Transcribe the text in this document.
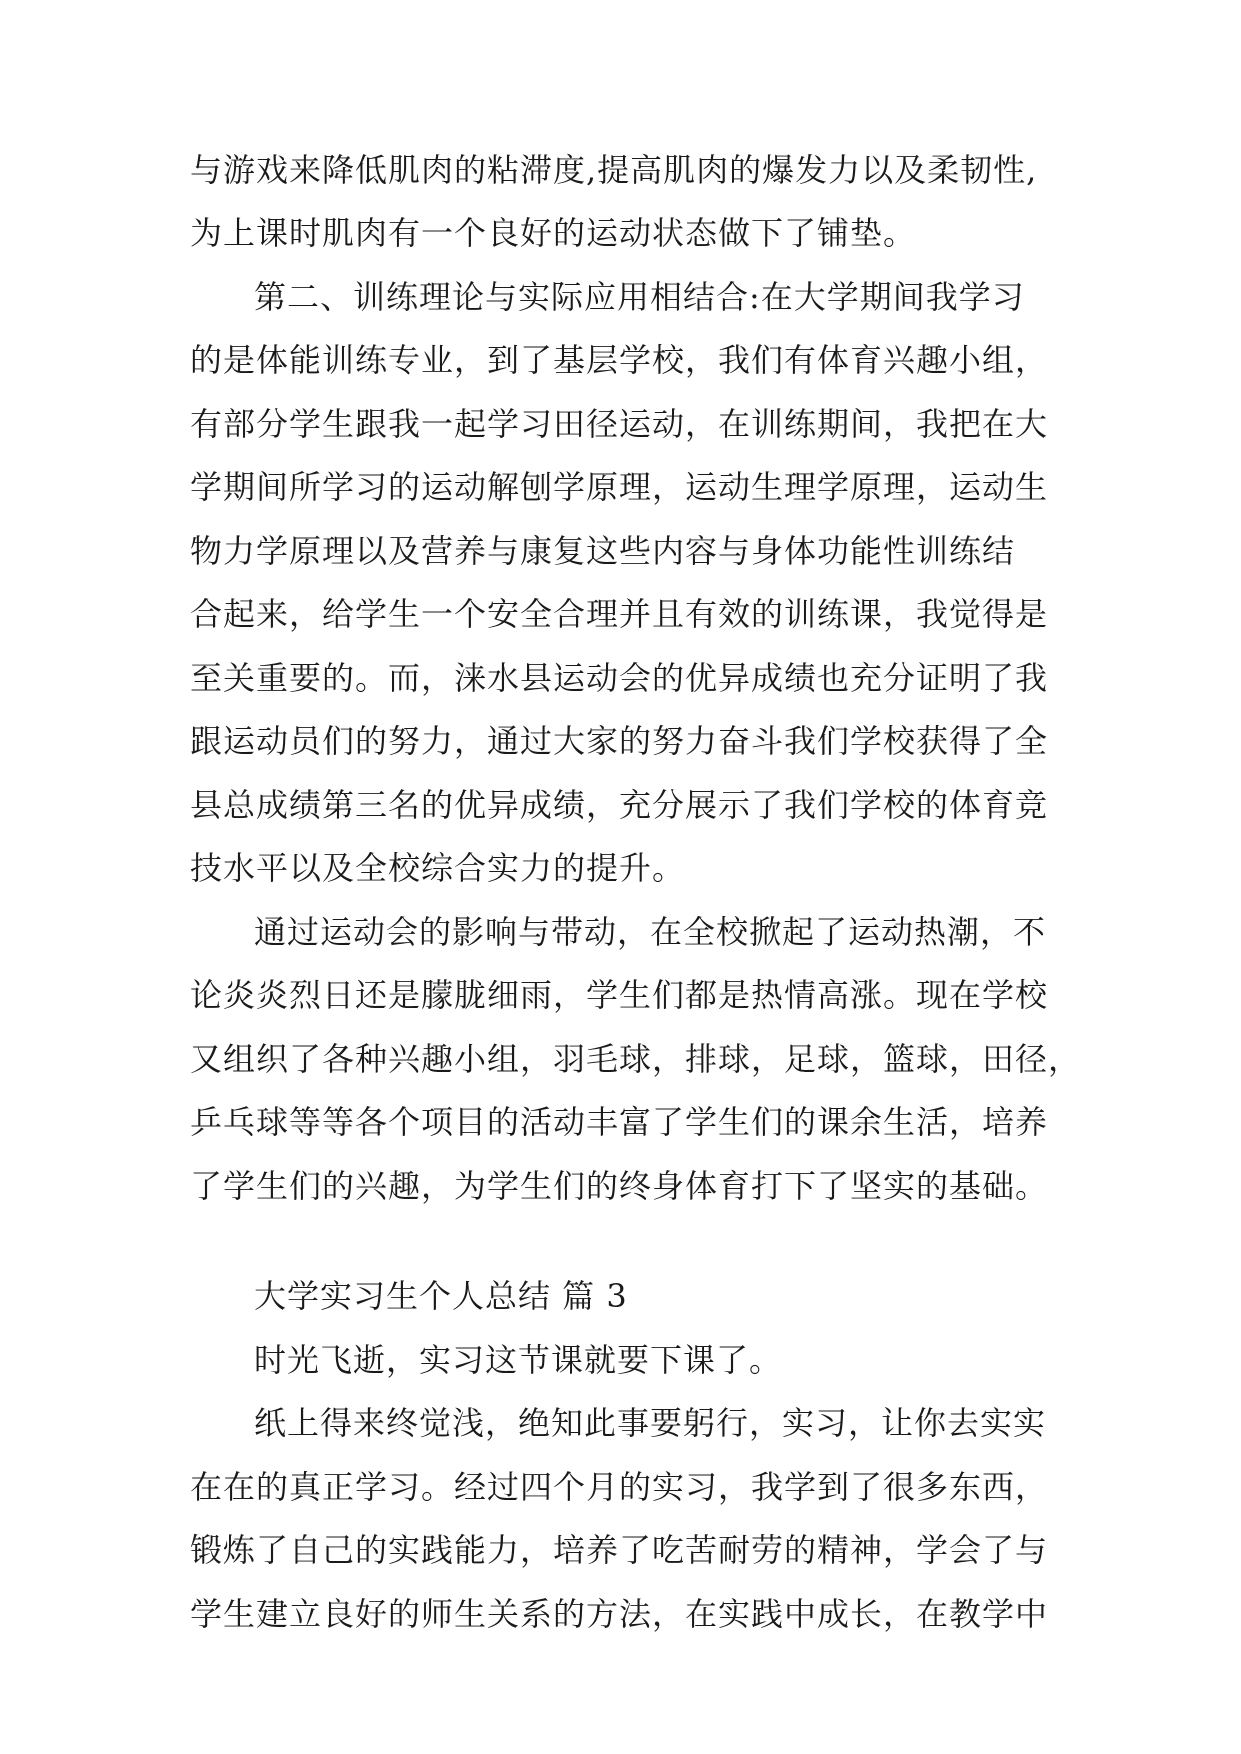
与游戏来降低肌肉的粘滞度,提高肌肉的爆发力以及柔韧性,
为上课时肌肉有一个良好的运动状态做下了铺垫。
第二、训练理论与实际应用相结合:在大学期间我学习
的是体能训练专业，到了基层学校，我们有体育兴趣小组，
有部分学生跟我一起学习田径运动，在训练期间，我把在大
学期间所学习的运动解刨学原理，运动生理学原理，运动生
物力学原理以及营养与康复这些内容与身体功能性训练结
合起来，给学生一个安全合理并且有效的训练课，我觉得是
至关重要的。而，涞水县运动会的优异成绩也充分证明了我
跟运动员们的努力，通过大家的努力奋斗我们学校获得了全
县总成绩第三名的优异成绩，充分展示了我们学校的体育竞
技水平以及全校综合实力的提升。
通过运动会的影响与带动，在全校掀起了运动热潮，不
论炎炎烈日还是朦胧细雨，学生们都是热情高涨。现在学校
又组织了各种兴趣小组，羽毛球，排球，足球，篮球，田径，
乒乓球等等各个项目的活动丰富了学生们的课余生活，培养
了学生们的兴趣，为学生们的终身体育打下了坚实的基础。
大学实习生个人总结 篇 3
时光飞逝，实习这节课就要下课了。
纸上得来终觉浅，绝知此事要躬行，实习，让你去实实
在在的真正学习。经过四个月的实习，我学到了很多东西，
锻炼了自己的实践能力，培养了吃苦耐劳的精神，学会了与
学生建立良好的师生关系的方法，在实践中成长，在教学中
